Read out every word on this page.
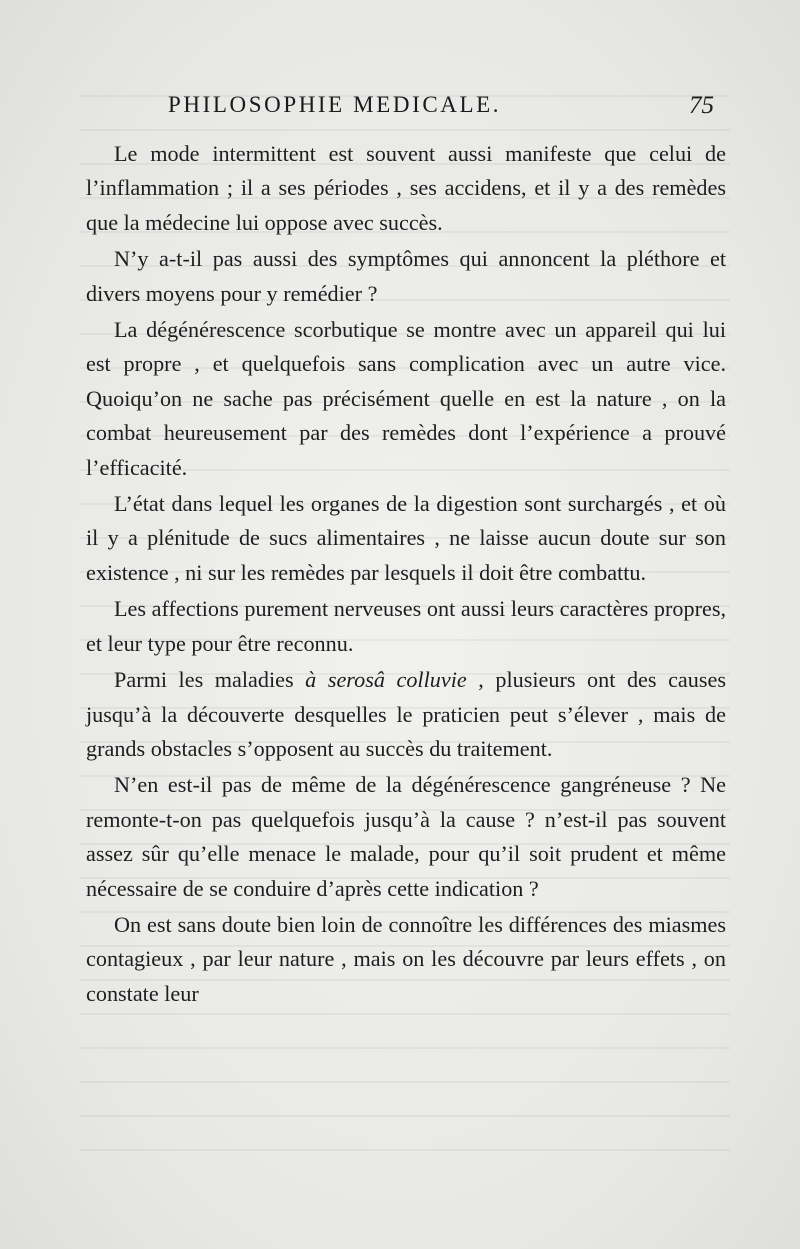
PHILOSOPHIE MEDICALE.	75

Le mode intermittent est souvent aussi manifeste que celui de l’inflammation ; il a ses périodes , ses accidens, et il y a des remèdes que la médecine lui oppose avec succès.

N’y a-t-il pas aussi des symptômes qui annoncent la pléthore et divers moyens pour y remédier ?

La dégénérescence scorbutique se montre avec un appareil qui lui est propre , et quelquefois sans complication avec un autre vice. Quoiqu’on ne sache pas précisément quelle en est la nature , on la combat heureusement par des remèdes dont l’expérience a prouvé l’efficacité.

L’état dans lequel les organes de la digestion sont surchargés , et où il y a plénitude de sucs alimentaires , ne laisse aucun doute sur son existence , ni sur les remèdes par lesquels il doit être combattu.

Les affections purement nerveuses ont aussi leurs caractères propres, et leur type pour être reconnu.

Parmi les maladies à serosâ colluvie , plusieurs ont des causes jusqu’à la découverte desquelles le praticien peut s’élever , mais de grands obstacles s’opposent au succès du traitement.

N’en est-il pas de même de la dégénérescence gangréneuse ? Ne remonte-t-on pas quelquefois jusqu’à la cause ? n’est-il pas souvent assez sûr qu’elle menace le malade, pour qu’il soit prudent et même nécessaire de se conduire d’après cette indication ?

On est sans doute bien loin de connoître les différences des miasmes contagieux , par leur nature , mais on les découvre par leurs effets , on constate leur
